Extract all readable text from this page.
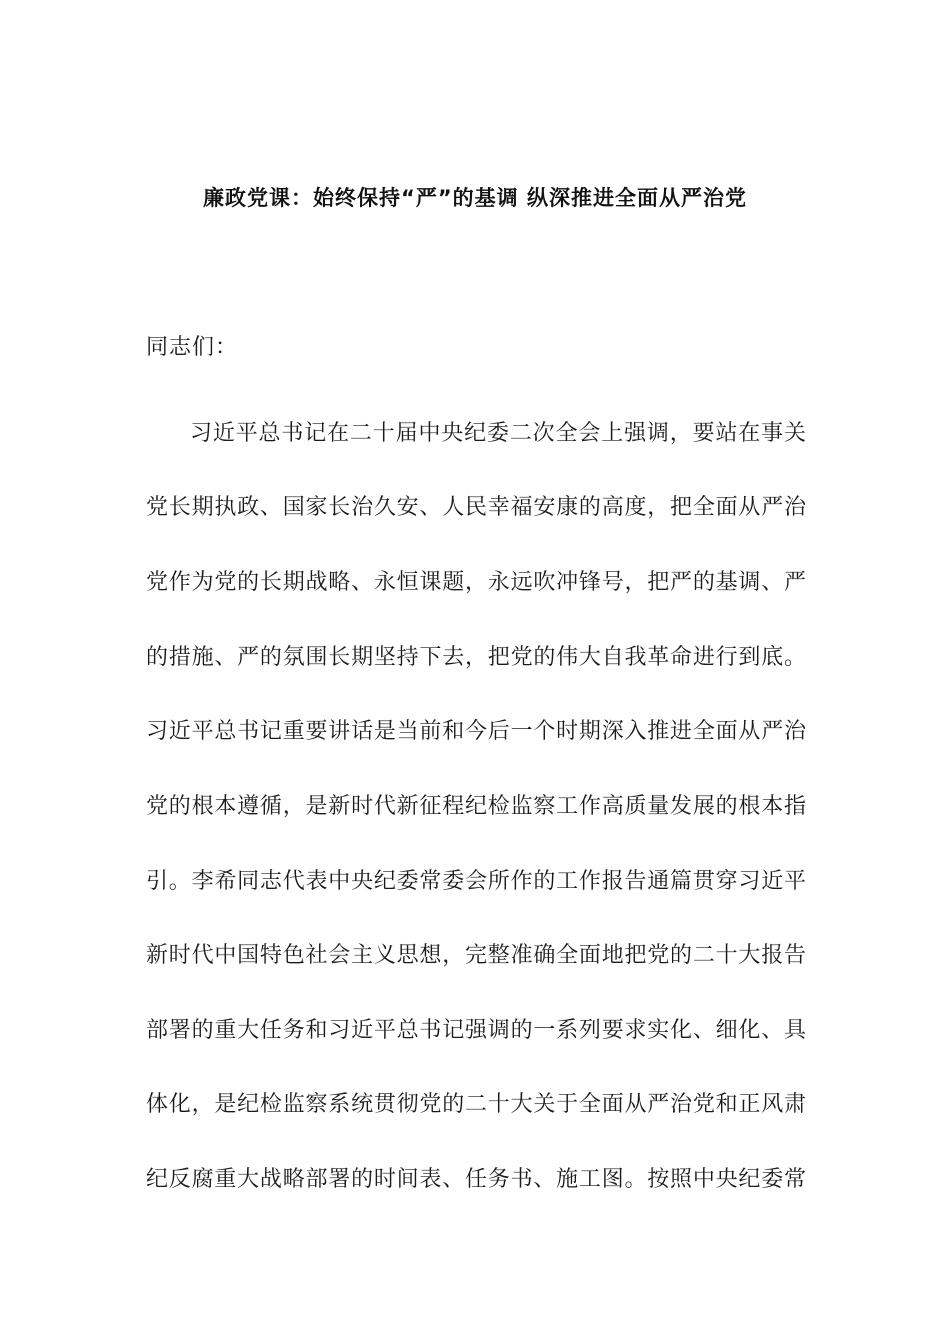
廉政党课：始终保持“严”的基调 纵深推进全面从严治党
同志们：
习近平总书记在二十届中央纪委二次全会上强调，要站在事关
党长期执政、国家长治久安、人民幸福安康的高度，把全面从严治
党作为党的长期战略、永恒课题，永远吹冲锋号，把严的基调、严
的措施、严的氛围长期坚持下去，把党的伟大自我革命进行到底。
习近平总书记重要讲话是当前和今后一个时期深入推进全面从严治
党的根本遵循，是新时代新征程纪检监察工作高质量发展的根本指
引。李希同志代表中央纪委常委会所作的工作报告通篇贯穿习近平
新时代中国特色社会主义思想，完整准确全面地把党的二十大报告
部署的重大任务和习近平总书记强调的一系列要求实化、细化、具
体化，是纪检监察系统贯彻党的二十大关于全面从严治党和正风肃
纪反腐重大战略部署的时间表、任务书、施工图。按照中央纪委常
